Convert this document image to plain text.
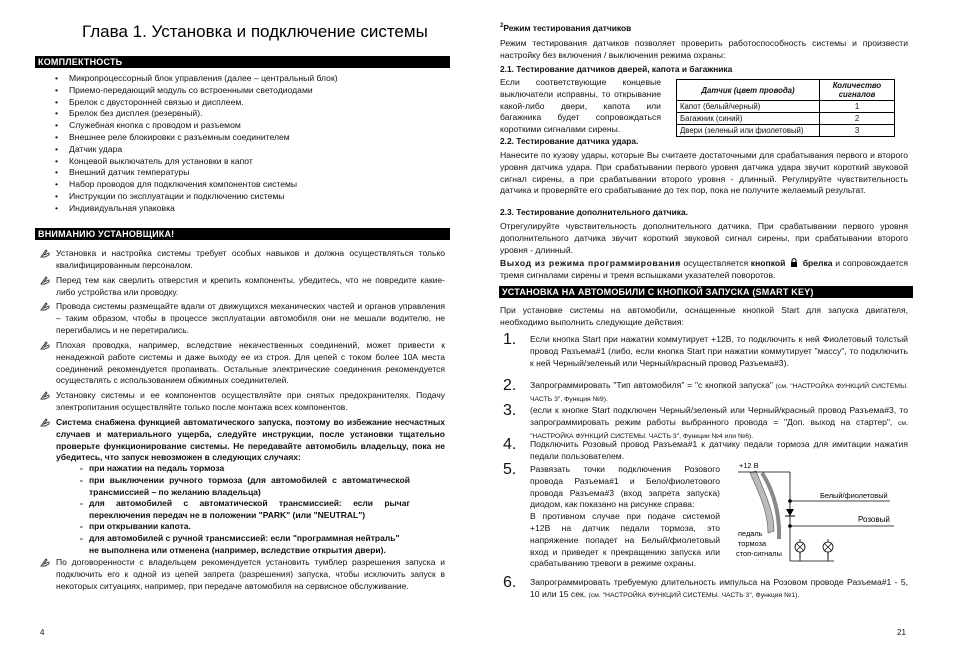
Глава 1. Установка и подключение системы
КОМПЛЕКТНОСТЬ
• Микропроцессорный блок управления (далее – центральный блок)
• Приемо-передающий модуль со встроенными светодиодами
• Брелок с двусторонней связью и дисплеем.
• Брелок без дисплея (резервный).
• Служебная кнопка с проводом и разъемом
• Внешнее реле блокировки с разъемным соединителем
• Датчик удара
• Концевой выключатель для установки в капот
• Внешний датчик температуры
• Набор проводов для подключения компонентов системы
• Инструкции по эксплуатации и подключению системы
• Индивидуальная упаковка
ВНИМАНИЮ УСТАНОВЩИКА!

Установка и настройка системы требует особых навыков и должна осуществляться только квалифицированным персоналом.

Перед тем как сверлить отверстия и крепить компоненты, убедитесь, что не повредите какие-либо устройства или проводку.

Провода системы размещайте вдали от движущихся механических частей и органов управления – таким образом, чтобы в процессе эксплуатации автомобиля они не мешали водителю, не перегибались и не перетирались.

Плохая проводка, например, вследствие некачественных соединений, может привести к ненадежной работе системы и даже выходу ее из строя. Для цепей с током более 10А места соединений рекомендуется пропаивать. Остальные электрические соединения рекомендуется осуществлять с использованием обжимных соединителей.

Установку системы и ее компонентов осуществляйте при снятых предохранителях. Подачу электропитания осуществляйте только после монтажа всех компонентов.

Система снабжена функцией автоматического запуска, поэтому во избежание несчастных случаев и материального ущерба, следуйте инструкции, после установки тщательно проверьте функционирование системы. Не передавайте автомобиль владельцу, пока не убедитесь, что запуск невозможен в следующих случаях:

- при нажатии на педаль тормоза
- при выключении ручного тормоза (для автомобилей с автоматической трансмиссией – по желанию владельца)
- для автомобилей с автоматической трансмиссией: если рычаг переключения передач не в положении "PARK" (или "NEUTRAL")
- при открывании капота.
- для автомобилей с ручной трансмиссией: если "программная нейтраль" не выполнена или отменена (например, вследствие открытия двери).

По договоренности с владельцем рекомендуется установить тумблер разрешения запуска и подключить его к одной из цепей запрета (разрешения) запуска, чтобы исключить запуск в некоторых ситуациях, например, при передаче автомобиля на сервисное обслуживание.

4

$^2$Режим тестирования датчиков

Режим тестирования датчиков позволяет проверить работоспособность системы и произвести настройку без включения / выключения режима охраны:

2.1. Тестирование датчиков дверей, капота и багажника

Если соответствующие концевые выключатели исправны, то открывание какой-либо двери, капота или багажника будет сопровождаться короткими сигналами сирены.

Датчик (цвет провода)	Количество сигналов
Капот (белый/черный)	1
Багажник (синий)	2
Двери (зеленый или фиолетовый)	3

2.2. Тестирование датчика удара.

Нанесите по кузову удары, которые Вы считаете достаточными для срабатывания первого и второго уровня датчика удара. При срабатывании первого уровня датчика удара звучит короткий звуковой сигнал сирены, а при срабатывании второго уровня - длинный. Регулируйте чувствительность датчика и проверяйте его срабатывание до тех пор, пока не получите желаемый результат.

2.3. Тестирование дополнительного датчика.

Отрегулируйте чувствительность дополнительного датчика. При срабатывании первого уровня дополнительного датчика звучит короткий звуковой сигнал сирены, при срабатывании второго уровня - длинный.

Выход из режима программирования осуществляется кнопкой брелка и сопровождается тремя сигналами сирены и тремя вспышками указателей поворотов.

УСТАНОВКА НА АВТОМОБИЛИ С КНОПКОЙ ЗАПУСКА (SMART KEY)

При установке системы на автомобили, оснащенные кнопкой Start для запуска двигателя, необходимо выполнить следующие действия:

1.	Если кнопка Start при нажатии коммутирует +12В, то подключить к ней Фиолетовый толстый провод Разъема#1 (либо, если кнопка Start при нажатии коммутирует "массу", то подключить к ней Черный/зеленый или Черный/красный провод Разъема#3).
2.	Запрограммировать "Тип автомобиля" = "с кнопкой запуска" (см. "НАСТРОЙКА ФУНКЦИЙ СИСТЕМЫ. ЧАСТЬ 3", Функция №9).
3.	(если к кнопке Start подключен Черный/зеленый или Черный/красный провод Разъема#3, то запрограммировать режим работы выбранного провода = "Доп. выход на стартер", см. "НАСТРОЙКА ФУНКЦИЙ СИСТЕМЫ. ЧАСТЬ 3", Функции №4 или №6).
4.	Подключить Розовый провод Разъема#1 к датчику педали тормоза для имитации нажатия педали пользователем.
5.	Развязать точки подключения Розового провода Разъема#1 и Бело/фиолетового провода Разъема#3 (вход запрета запуска) диодом, как показано на рисунке справа:
В противном случае при подаче системой +12В на датчик педали тормоза, это напряжение попадет на Белый/фиолетовый вход и приведет к прекращению запуска или срабатыванию тревоги в режиме охраны.
6.	Запрограммировать требуемую длительность импульса на Розовом проводе Разъема#1 - 5, 10 или 15 сек. (см. "НАСТРОЙКА ФУНКЦИЙ СИСТЕМЫ. ЧАСТЬ 3", Функция №1).
21
+12 В
Белый/фиолетовый
Розовый
педаль
тормоза
стоп-сигналы
